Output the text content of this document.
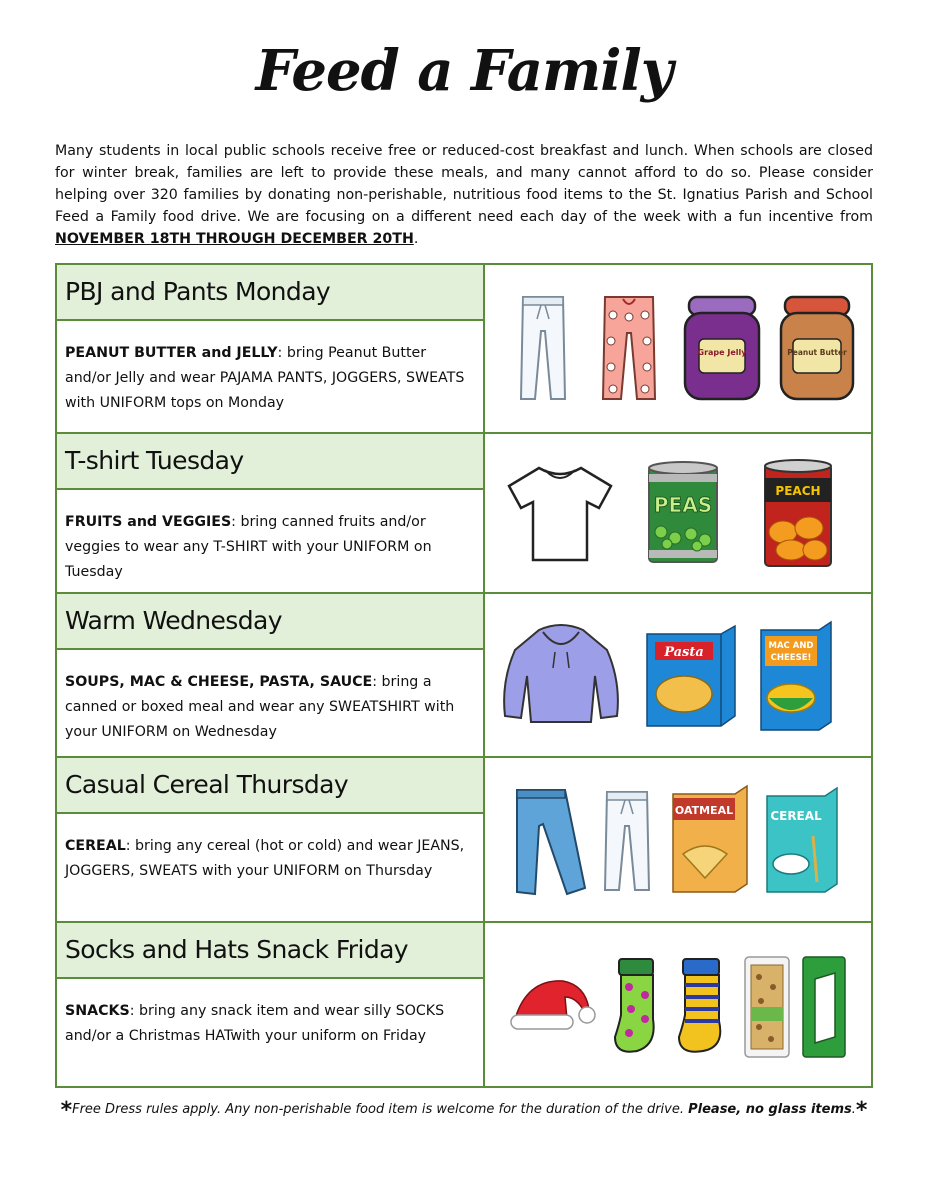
Feed a Family
Many students in local public schools receive free or reduced-cost breakfast and lunch. When schools are closed for winter break, families are left to provide these meals, and many cannot afford to do so. Please consider helping over 320 families by donating non-perishable, nutritious food items to the St. Ignatius Parish and School Feed a Family food drive. We are focusing on a different need each day of the week with a fun incentive from NOVEMBER 18TH THROUGH DECEMBER 20TH.
PBJ and Pants Monday
PEANUT BUTTER and JELLY: bring Peanut Butter and/or Jelly and wear PAJAMA PANTS, JOGGERS, SWEATS with UNIFORM tops on Monday
Grape Jelly	Peanut Butter
T-shirt Tuesday
FRUITS and VEGGIES: bring canned fruits and/or veggies to wear any T-SHIRT with your UNIFORM on Tuesday
PEAS
PEACH
Warm Wednesday
SOUPS, MAC & CHEESE, PASTA, SAUCE: bring a canned or boxed meal and wear any SWEATSHIRT with your UNIFORM on Wednesday
Pasta	MAC AND
CHEESE!
Casual Cereal Thursday
CEREAL: bring any cereal (hot or cold) and wear JEANS, JOGGERS, SWEATS with your UNIFORM on Thursday
OATMEAL	CEREAL
Socks and Hats Snack Friday
SNACKS: bring any snack item and wear silly SOCKS and/or a Christmas HATwith your uniform on Friday
*Free Dress rules apply. Any non-perishable food item is welcome for the duration of the drive. Please, no glass items.*
